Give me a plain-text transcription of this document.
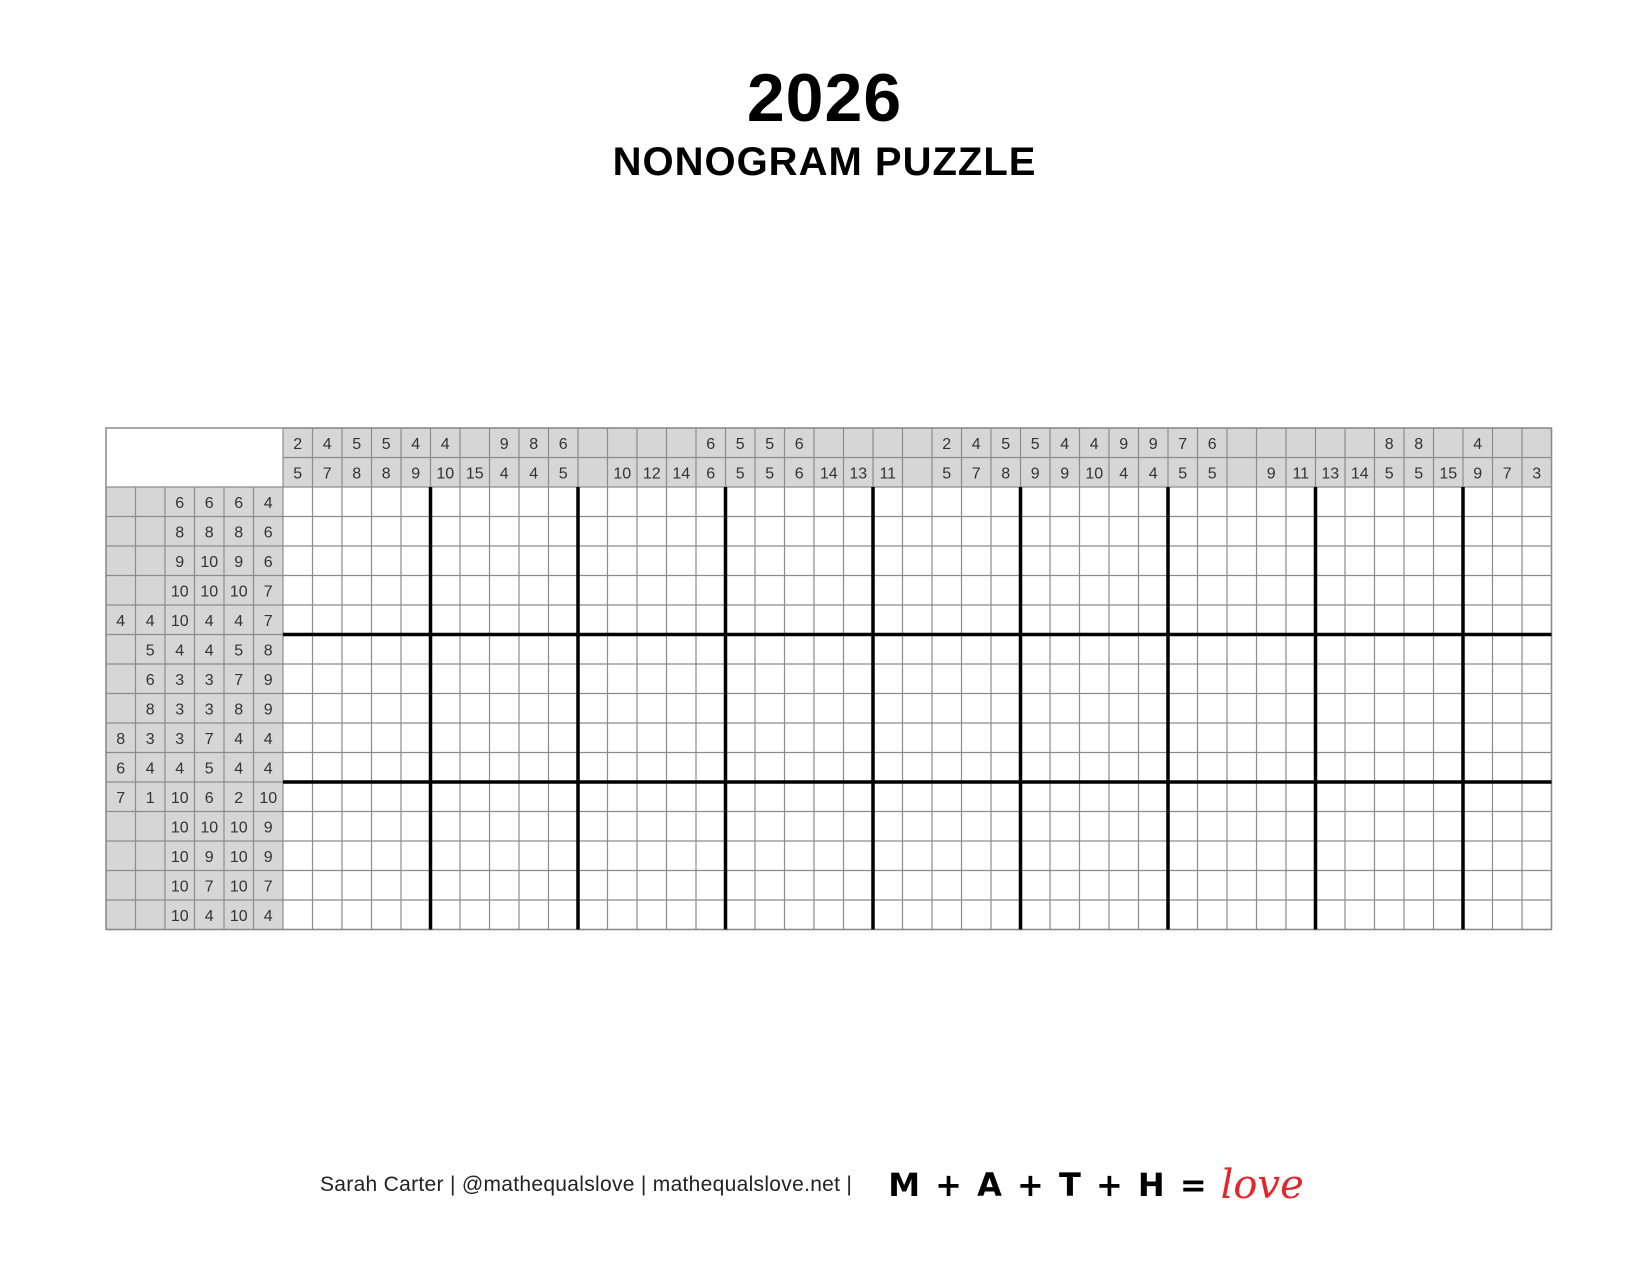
2026
NONOGRAM PUZZLE
2
5
4
7
5
8
5
8
4
9
4
10 15
9
4
8
4
6
5	10 12 14
6
6
5
5
5
5
6
6 14 13 11
2
5
4
7
5
8
5
9
4
9
4
10
9
4
9
4
7
5
6
5	9 11 13 14
8
5
8
5 15
4
9 7 3
6 6 6 4
8 8 8 6
9 10 9 6
10 10 10 7
4 4 10 4 4 7
5 4 4 5 8
6 3 3 7 9
8 3 3 8 9
8 3 3 7 4 4
6 4 4 5 4 4
7 1 10 6 2 10
10 10 10 9
10 9 10 9
10 7 10 7
10 4 10 4
Sarah Carter | @mathequalslove | mathequalslove.net | M + A + T + H = love
